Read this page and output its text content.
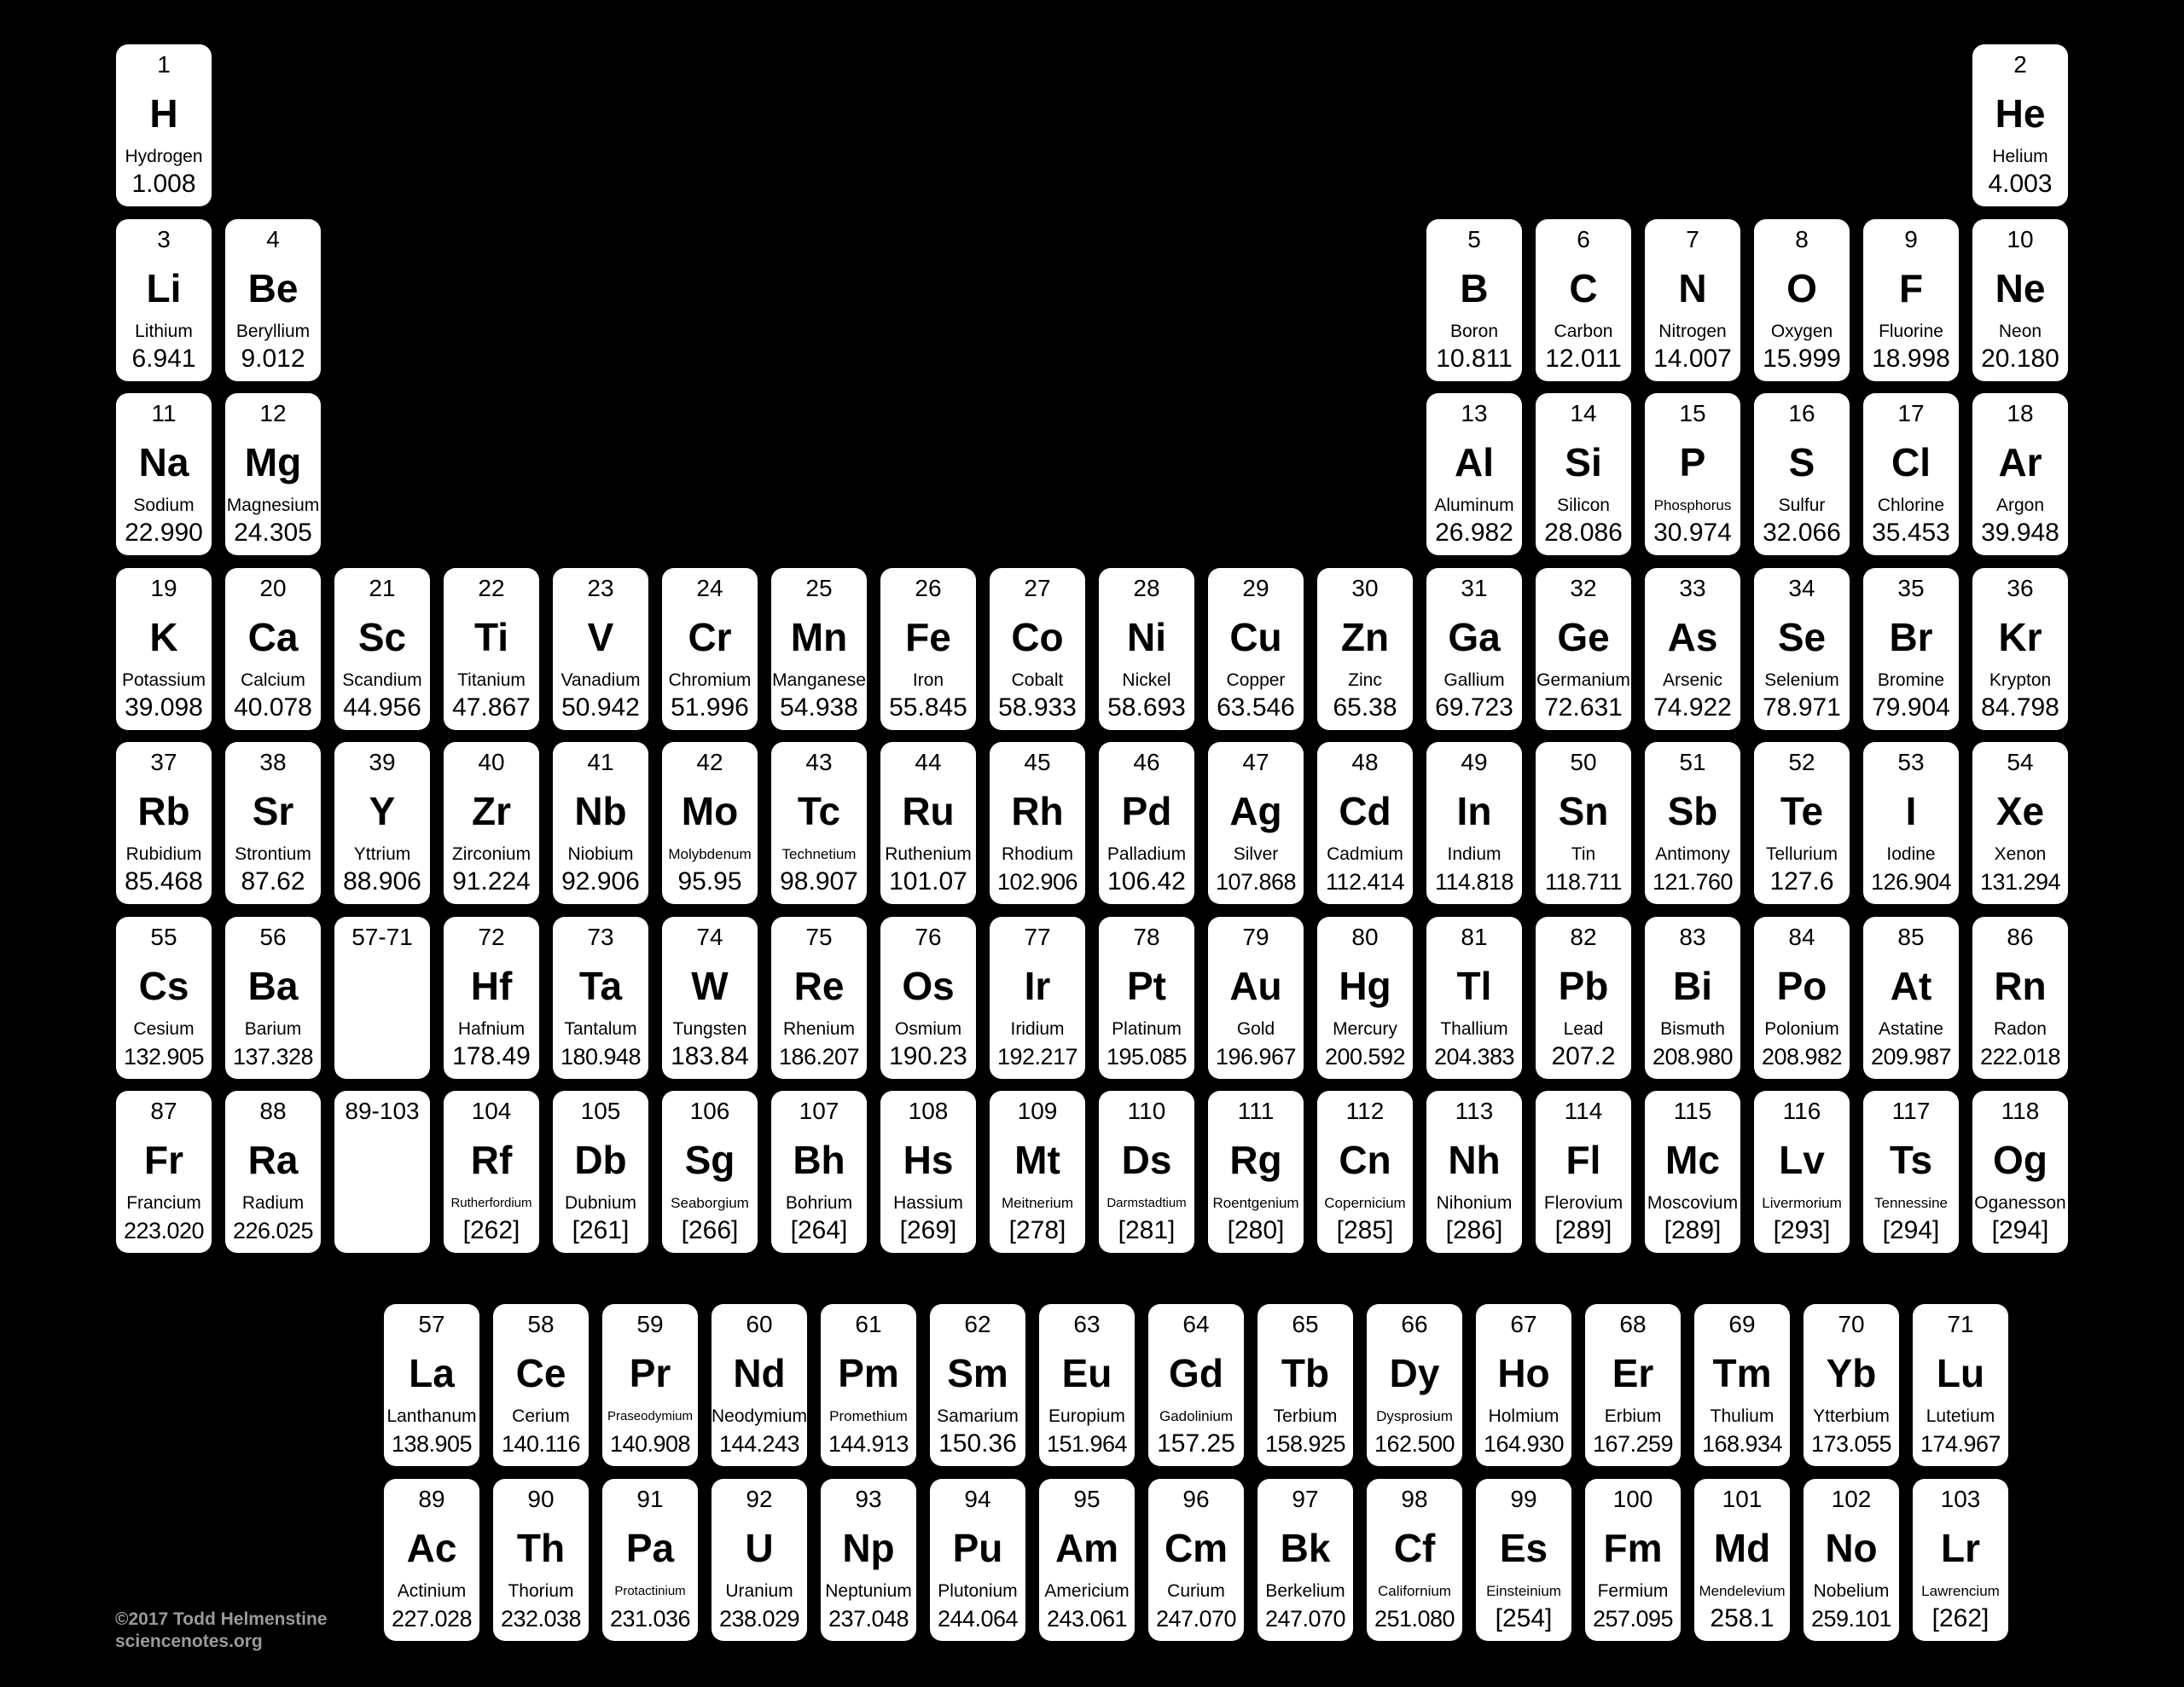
1
H
Hydrogen
1.008
2
He
Helium
4.003
3
Li
Lithium
6.941
4
Be
Beryllium
9.012
5
B
Boron
10.811
6
C
Carbon
12.011
7
N
Nitrogen
14.007
8
O
Oxygen
15.999
9
F
Fluorine
18.998
10
Ne
Neon
20.180
11
Na
Sodium
22.990
12
Mg
Magnesium
24.305
13
Al
Aluminum
26.982
14
Si
Silicon
28.086
15
P
Phosphorus
30.974
16
S
Sulfur
32.066
17
Cl
Chlorine
35.453
18
Ar
Argon
39.948
19
K
Potassium
39.098
20
Ca
Calcium
40.078
21
Sc
Scandium
44.956
22
Ti
Titanium
47.867
23
V
Vanadium
50.942
24
Cr
Chromium
51.996
25
Mn
Manganese
54.938
26
Fe
Iron
55.845
27
Co
Cobalt
58.933
28
Ni
Nickel
58.693
29
Cu
Copper
63.546
30
Zn
Zinc
65.38
31
Ga
Gallium
69.723
32
Ge
Germanium
72.631
33
As
Arsenic
74.922
34
Se
Selenium
78.971
35
Br
Bromine
79.904
36
Kr
Krypton
84.798
37
Rb
Rubidium
85.468
38
Sr
Strontium
87.62
39
Y
Yttrium
88.906
40
Zr
Zirconium
91.224
41
Nb
Niobium
92.906
42
Mo
Molybdenum
95.95
43
Tc
Technetium
98.907
44
Ru
Ruthenium
101.07
45
Rh
Rhodium
102.906
46
Pd
Palladium
106.42
47
Ag
Silver
107.868
48
Cd
Cadmium
112.414
49
In
Indium
114.818
50
Sn
Tin
118.711
51
Sb
Antimony
121.760
52
Te
Tellurium
127.6
53
I
Iodine
126.904
54
Xe
Xenon
131.294
55
Cs
Cesium
132.905
56
Ba
Barium
137.328
57-71	72
Hf
Hafnium
178.49
73
Ta
Tantalum
180.948
74
W
Tungsten
183.84
75
Re
Rhenium
186.207
76
Os
Osmium
190.23
77
Ir
Iridium
192.217
78
Pt
Platinum
195.085
79
Au
Gold
196.967
80
Hg
Mercury
200.592
81
Tl
Thallium
204.383
82
Pb
Lead
207.2
83
Bi
Bismuth
208.980
84
Po
Polonium
208.982
85
At
Astatine
209.987
86
Rn
Radon
222.018
87
Fr
Francium
223.020
88
Ra
Radium
226.025
89-103 104
Rf
Rutherfordium
[262]
105
Db
Dubnium
[261]
106
Sg
Seaborgium
[266]
107
Bh
Bohrium
[264]
108
Hs
Hassium
[269]
109
Mt
Meitnerium
[278]
110
Ds
Darmstadtium
[281]
111
Rg
Roentgenium
[280]
112
Cn
Copernicium
[285]
113
Nh
Nihonium
[286]
114
Fl
Flerovium
[289]
115
Mc
Moscovium
[289]
116
Lv
Livermorium
[293]
117
Ts
Tennessine
[294]
118
Og
Oganesson
[294]
57
La
Lanthanum
138.905
58
Ce
Cerium
140.116
59
Pr
Praseodymium
140.908
60
Nd
Neodymium
144.243
61
Pm
Promethium
144.913
62
Sm
Samarium
150.36
63
Eu
Europium
151.964
64
Gd
Gadolinium
157.25
65
Tb
Terbium
158.925
66
Dy
Dysprosium
162.500
67
Ho
Holmium
164.930
68
Er
Erbium
167.259
69
Tm
Thulium
168.934
70
Yb
Ytterbium
173.055
71
Lu
Lutetium
174.967
89
Ac
Actinium
227.028
90
Th
Thorium
232.038
91
Pa
Protactinium
231.036
92
U
Uranium
238.029
93
Np
Neptunium
237.048
94
Pu
Plutonium
244.064
95
Am
Americium
243.061
96
Cm
Curium
247.070
97
Bk
Berkelium
247.070
98
Cf
Californium
251.080
99
Es
Einsteinium
[254]
100
Fm
Fermium
257.095
101
Md
Mendelevium
258.1
102
No
Nobelium
259.101
103
Lr
Lawrencium
[262]
©2017 Todd Helmenstine
sciencenotes.org
